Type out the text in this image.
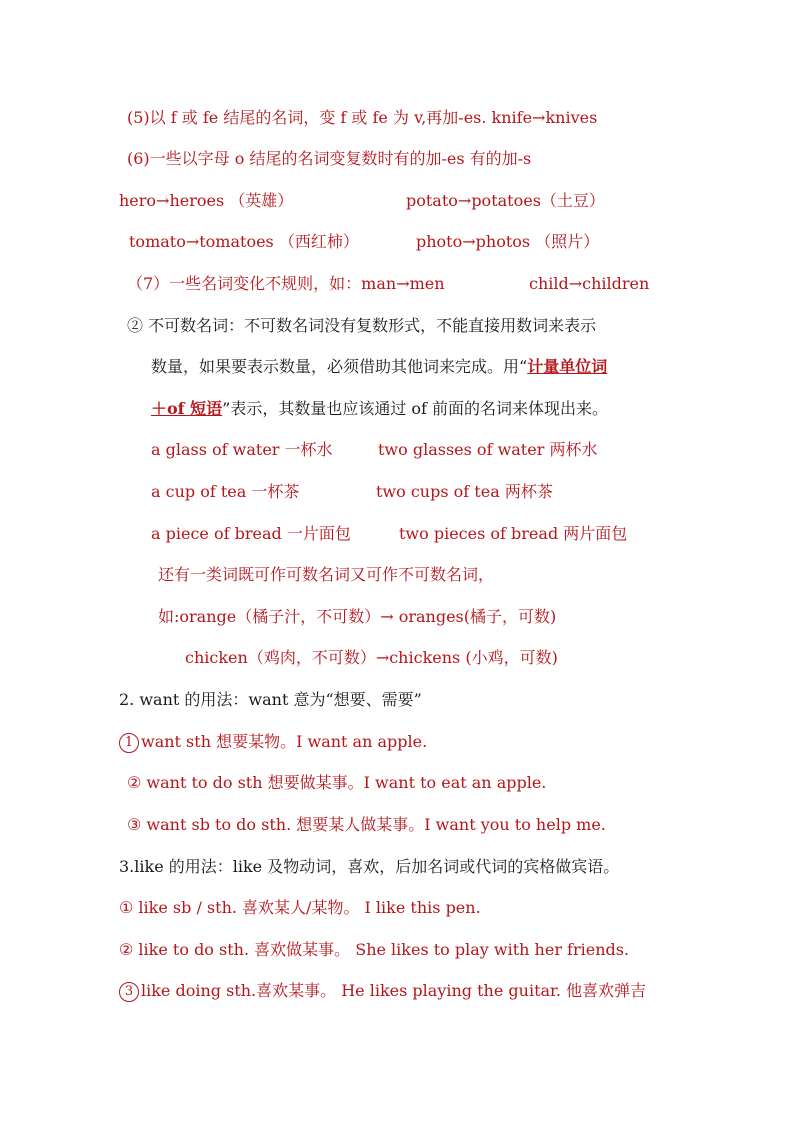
(5)以 f 或 fe 结尾的名词，变 f 或 fe 为 v,再加-es. knife→knives
(6)一些以字母 o 结尾的名词变复数时有的加-es 有的加-s
hero→heroes （英雄）	potato→potatoes（土豆）
tomato→tomatoes （西红柿）	photo→photos （照片）
（7）一些名词变化不规则，如：man→men	child→children
② 不可数名词：不可数名词没有复数形式，不能直接用数词来表示
数量，如果要表示数量，必须借助其他词来完成。用“计量单位词
＋of 短语”表示，其数量也应该通过 of 前面的名词来体现出来。
a glass of water 一杯水	two glasses of water 两杯水
a cup of tea 一杯茶	two cups of tea 两杯茶
a piece of bread 一片面包	two pieces of bread 两片面包
还有一类词既可作可数名词又可作不可数名词，
如:orange（橘子汁，不可数）→ oranges(橘子，可数)
chicken（鸡肉，不可数）→chickens (小鸡，可数)
2. want 的用法：want 意为“想要、需要”
1 want sth 想要某物。I want an apple.
② want to do sth 想要做某事。I want to eat an apple.
③ want sb to do sth. 想要某人做某事。I want you to help me.
3.like 的用法：like 及物动词，喜欢，后加名词或代词的宾格做宾语。
① like sb / sth. 喜欢某人/某物。 I like this pen.
② like to do sth. 喜欢做某事。 She likes to play with her friends.
3 like doing sth.喜欢某事。 He likes playing the guitar. 他喜欢弹吉
